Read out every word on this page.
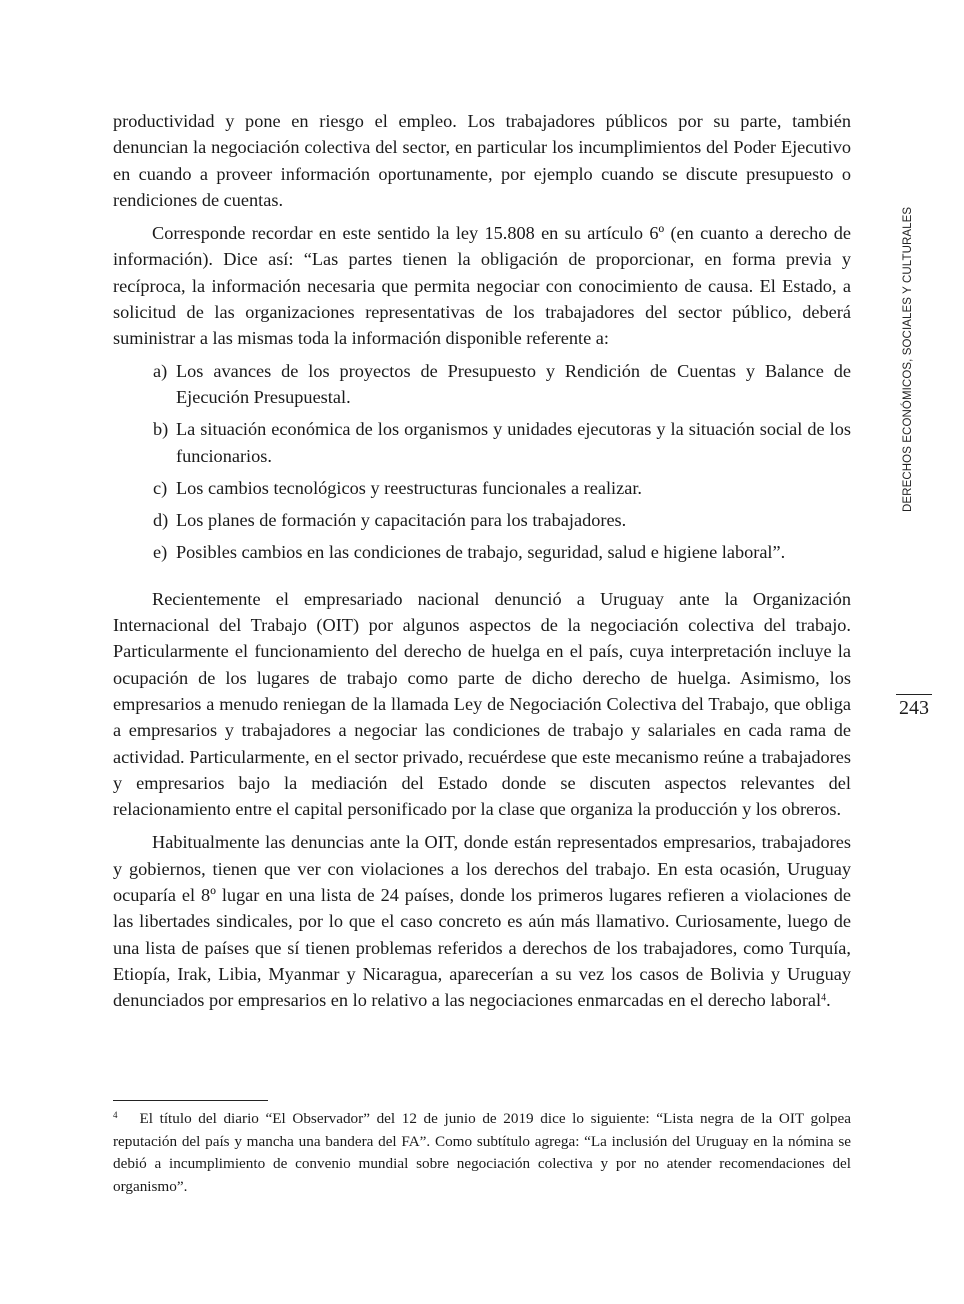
productividad y pone en riesgo el empleo. Los trabajadores públicos por su parte, también denuncian la negociación colectiva del sector, en particular los incumplimientos del Poder Ejecutivo en cuando a proveer información oportunamente, por ejemplo cuando se discute presupuesto o rendiciones de cuentas.

Corresponde recordar en este sentido la ley 15.808 en su artículo 6º (en cuanto a derecho de información). Dice así: “Las partes tienen la obligación de proporcionar, en forma previa y recíproca, la información necesaria que permita negociar con conocimiento de causa. El Estado, a solicitud de las organizaciones representativas de los trabajadores del sector público, deberá suministrar a las mismas toda la información disponible referente a:

a) Los avances de los proyectos de Presupuesto y Rendición de Cuentas y Balance de Ejecución Presupuestal.
b) La situación económica de los organismos y unidades ejecutoras y la situación social de los funcionarios.
c) Los cambios tecnológicos y reestructuras funcionales a realizar.
d) Los planes de formación y capacitación para los trabajadores.
e) Posibles cambios en las condiciones de trabajo, seguridad, salud e higiene laboral”.

Recientemente el empresariado nacional denunció a Uruguay ante la Organización Internacional del Trabajo (OIT) por algunos aspectos de la negociación colectiva del trabajo. Particularmente el funcionamiento del derecho de huelga en el país, cuya interpretación incluye la ocupación de los lugares de trabajo como parte de dicho derecho de huelga. Asimismo, los empresarios a menudo reniegan de la llamada Ley de Negociación Colectiva del Trabajo, que obliga a empresarios y trabajadores a negociar las condiciones de trabajo y salariales en cada rama de actividad. Particularmente, en el sector privado, recuérdese que este mecanismo reúne a trabajadores y empresarios bajo la mediación del Estado donde se discuten aspectos relevantes del relacionamiento entre el capital personificado por la clase que organiza la producción y los obreros.

Habitualmente las denuncias ante la OIT, donde están representados empresarios, trabajadores y gobiernos, tienen que ver con violaciones a los derechos del trabajo. En esta ocasión, Uruguay ocuparía el 8º lugar en una lista de 24 países, donde los primeros lugares refieren a violaciones de las libertades sindicales, por lo que el caso concreto es aún más llamativo. Curiosamente, luego de una lista de países que sí tienen problemas referidos a derechos de los trabajadores, como Turquía, Etiopía, Irak, Libia, Myanmar y Nicaragua, aparecerían a su vez los casos de Bolivia y Uruguay denunciados por empresarios en lo relativo a las negociaciones enmarcadas en el derecho laboral$^4$.

$^4$ El título del diario “El Observador” del 12 de junio de 2019 dice lo siguiente: “Lista negra de la OIT golpea reputación del país y mancha una bandera del FA”. Como subtítulo agrega: “La inclusión del Uruguay en la nómina se debió a incumplimiento de convenio mundial sobre negociación colectiva y por no atender recomendaciones del organismo”.
DERECHOS ECONÓMICOS, SOCIALES Y CULTURALES
243
